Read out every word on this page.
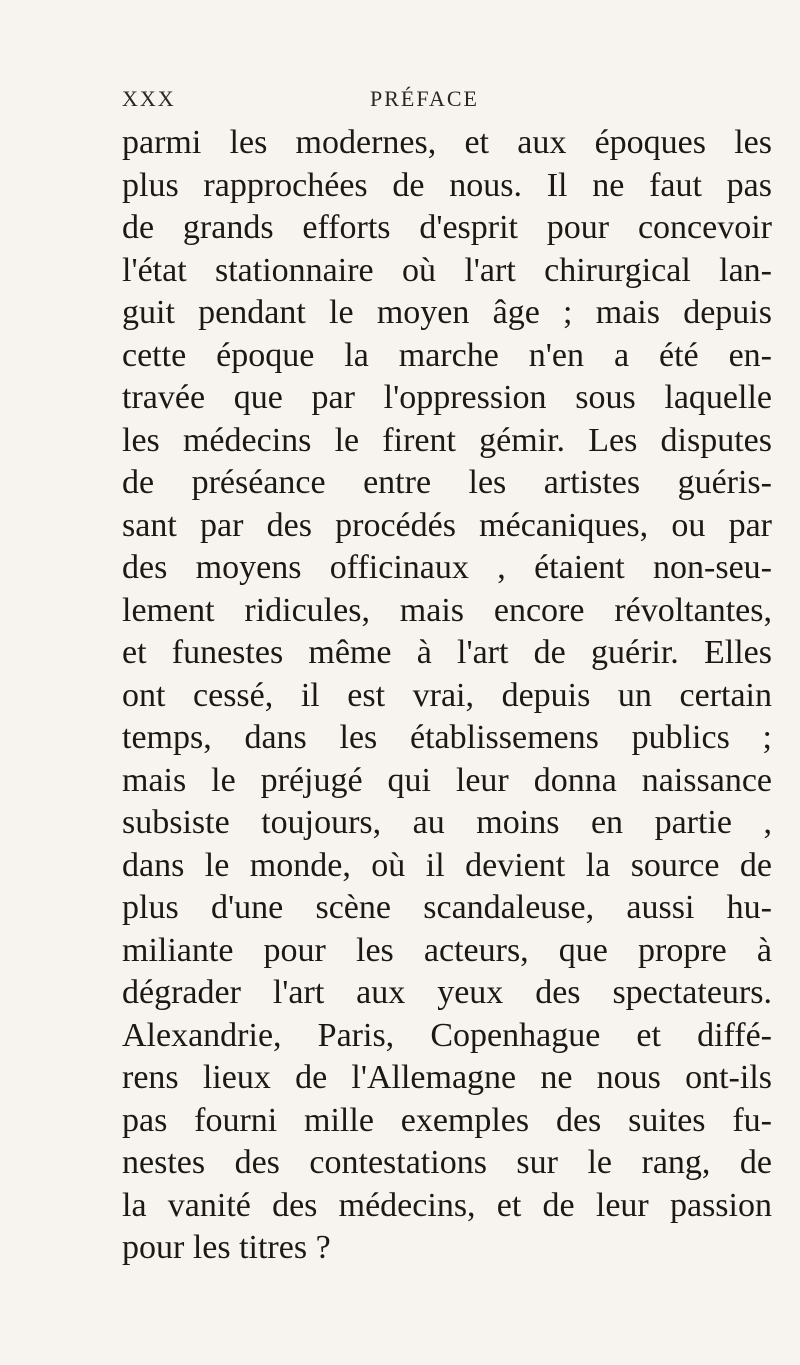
XXX	PRÉFACE
parmi les modernes, et aux époques les
plus rapprochées de nous. Il ne faut pas
de grands efforts d'esprit pour concevoir
l'état stationnaire où l'art chirurgical lan-
guit pendant le moyen âge ; mais depuis
cette époque la marche n'en a été en-
travée que par l'oppression sous laquelle
les médecins le firent gémir. Les disputes
de préséance entre les artistes guéris-
sant par des procédés mécaniques, ou par
des moyens officinaux , étaient non-seu-
lement ridicules, mais encore révoltantes,
et funestes même à l'art de guérir. Elles
ont cessé, il est vrai, depuis un certain
temps, dans les établissemens publics ;
mais le préjugé qui leur donna naissance
subsiste toujours, au moins en partie ,
dans le monde, où il devient la source de
plus d'une scène scandaleuse, aussi hu-
miliante pour les acteurs, que propre à
dégrader l'art aux yeux des spectateurs.
Alexandrie, Paris, Copenhague et diffé-
rens lieux de l'Allemagne ne nous ont-ils
pas fourni mille exemples des suites fu-
nestes des contestations sur le rang, de
la vanité des médecins, et de leur passion
pour les titres ?
